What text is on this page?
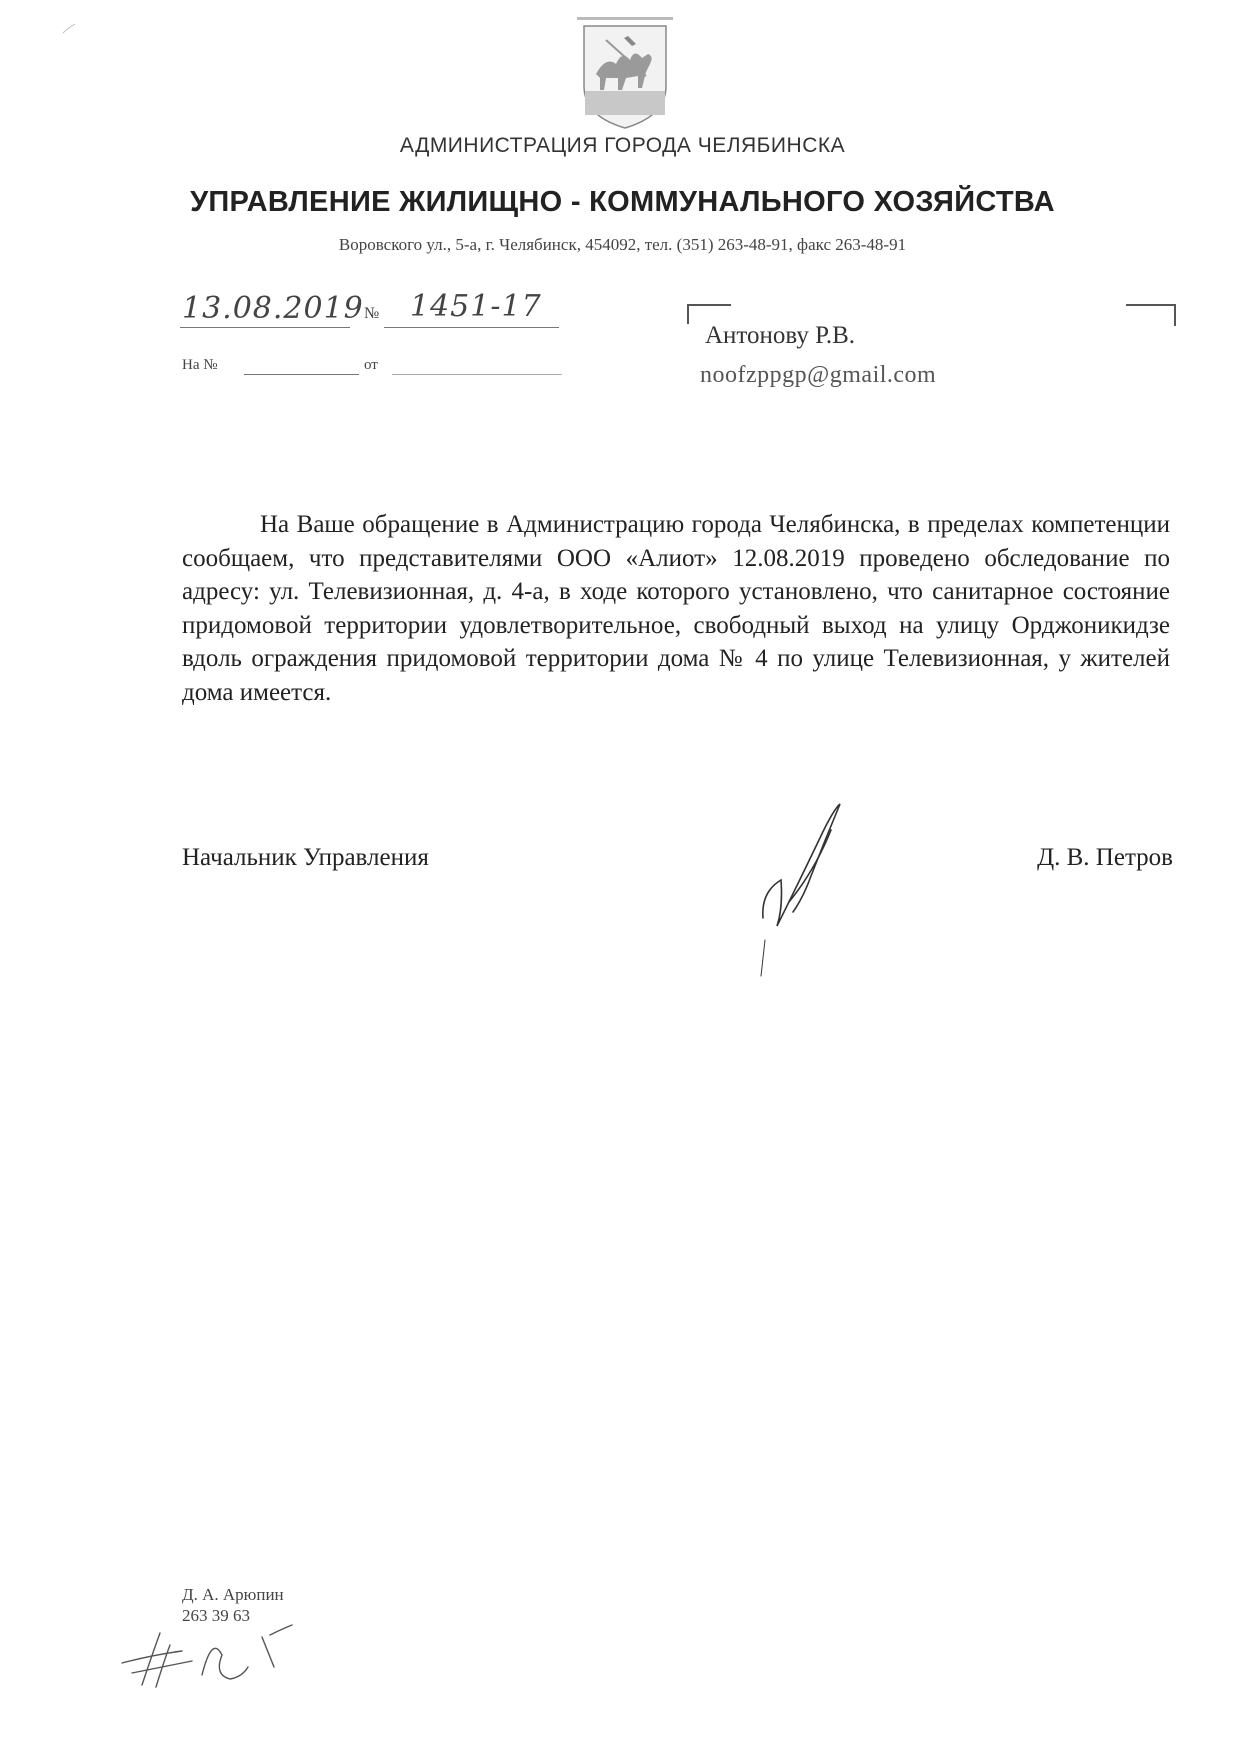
АДМИНИСТРАЦИЯ ГОРОДА ЧЕЛЯБИНСКА
УПРАВЛЕНИЕ ЖИЛИЩНО - КОММУНАЛЬНОГО ХОЗЯЙСТВА
Воровского ул., 5-а, г. Челябинск, 454092, тел. (351) 263-48-91, факс 263-48-91
13.08.2019 № 1451-17
На №	от
Антонову Р.В.
noofzppgp@gmail.com
На Ваше обращение в Администрацию города Челябинска, в пределах компетенции сообщаем, что представителями ООО «Алиот» 12.08.2019 проведено обследование по адресу: ул. Телевизионная, д. 4-а, в ходе которого установлено, что санитарное состояние придомовой территории удовлетворительное, свободный выход на улицу Орджоникидзе вдоль ограждения придомовой территории дома № 4 по улице Телевизионная, у жителей дома имеется.
Начальник Управления	Д. В. Петров
Д. А. Арюпин
263 39 63
